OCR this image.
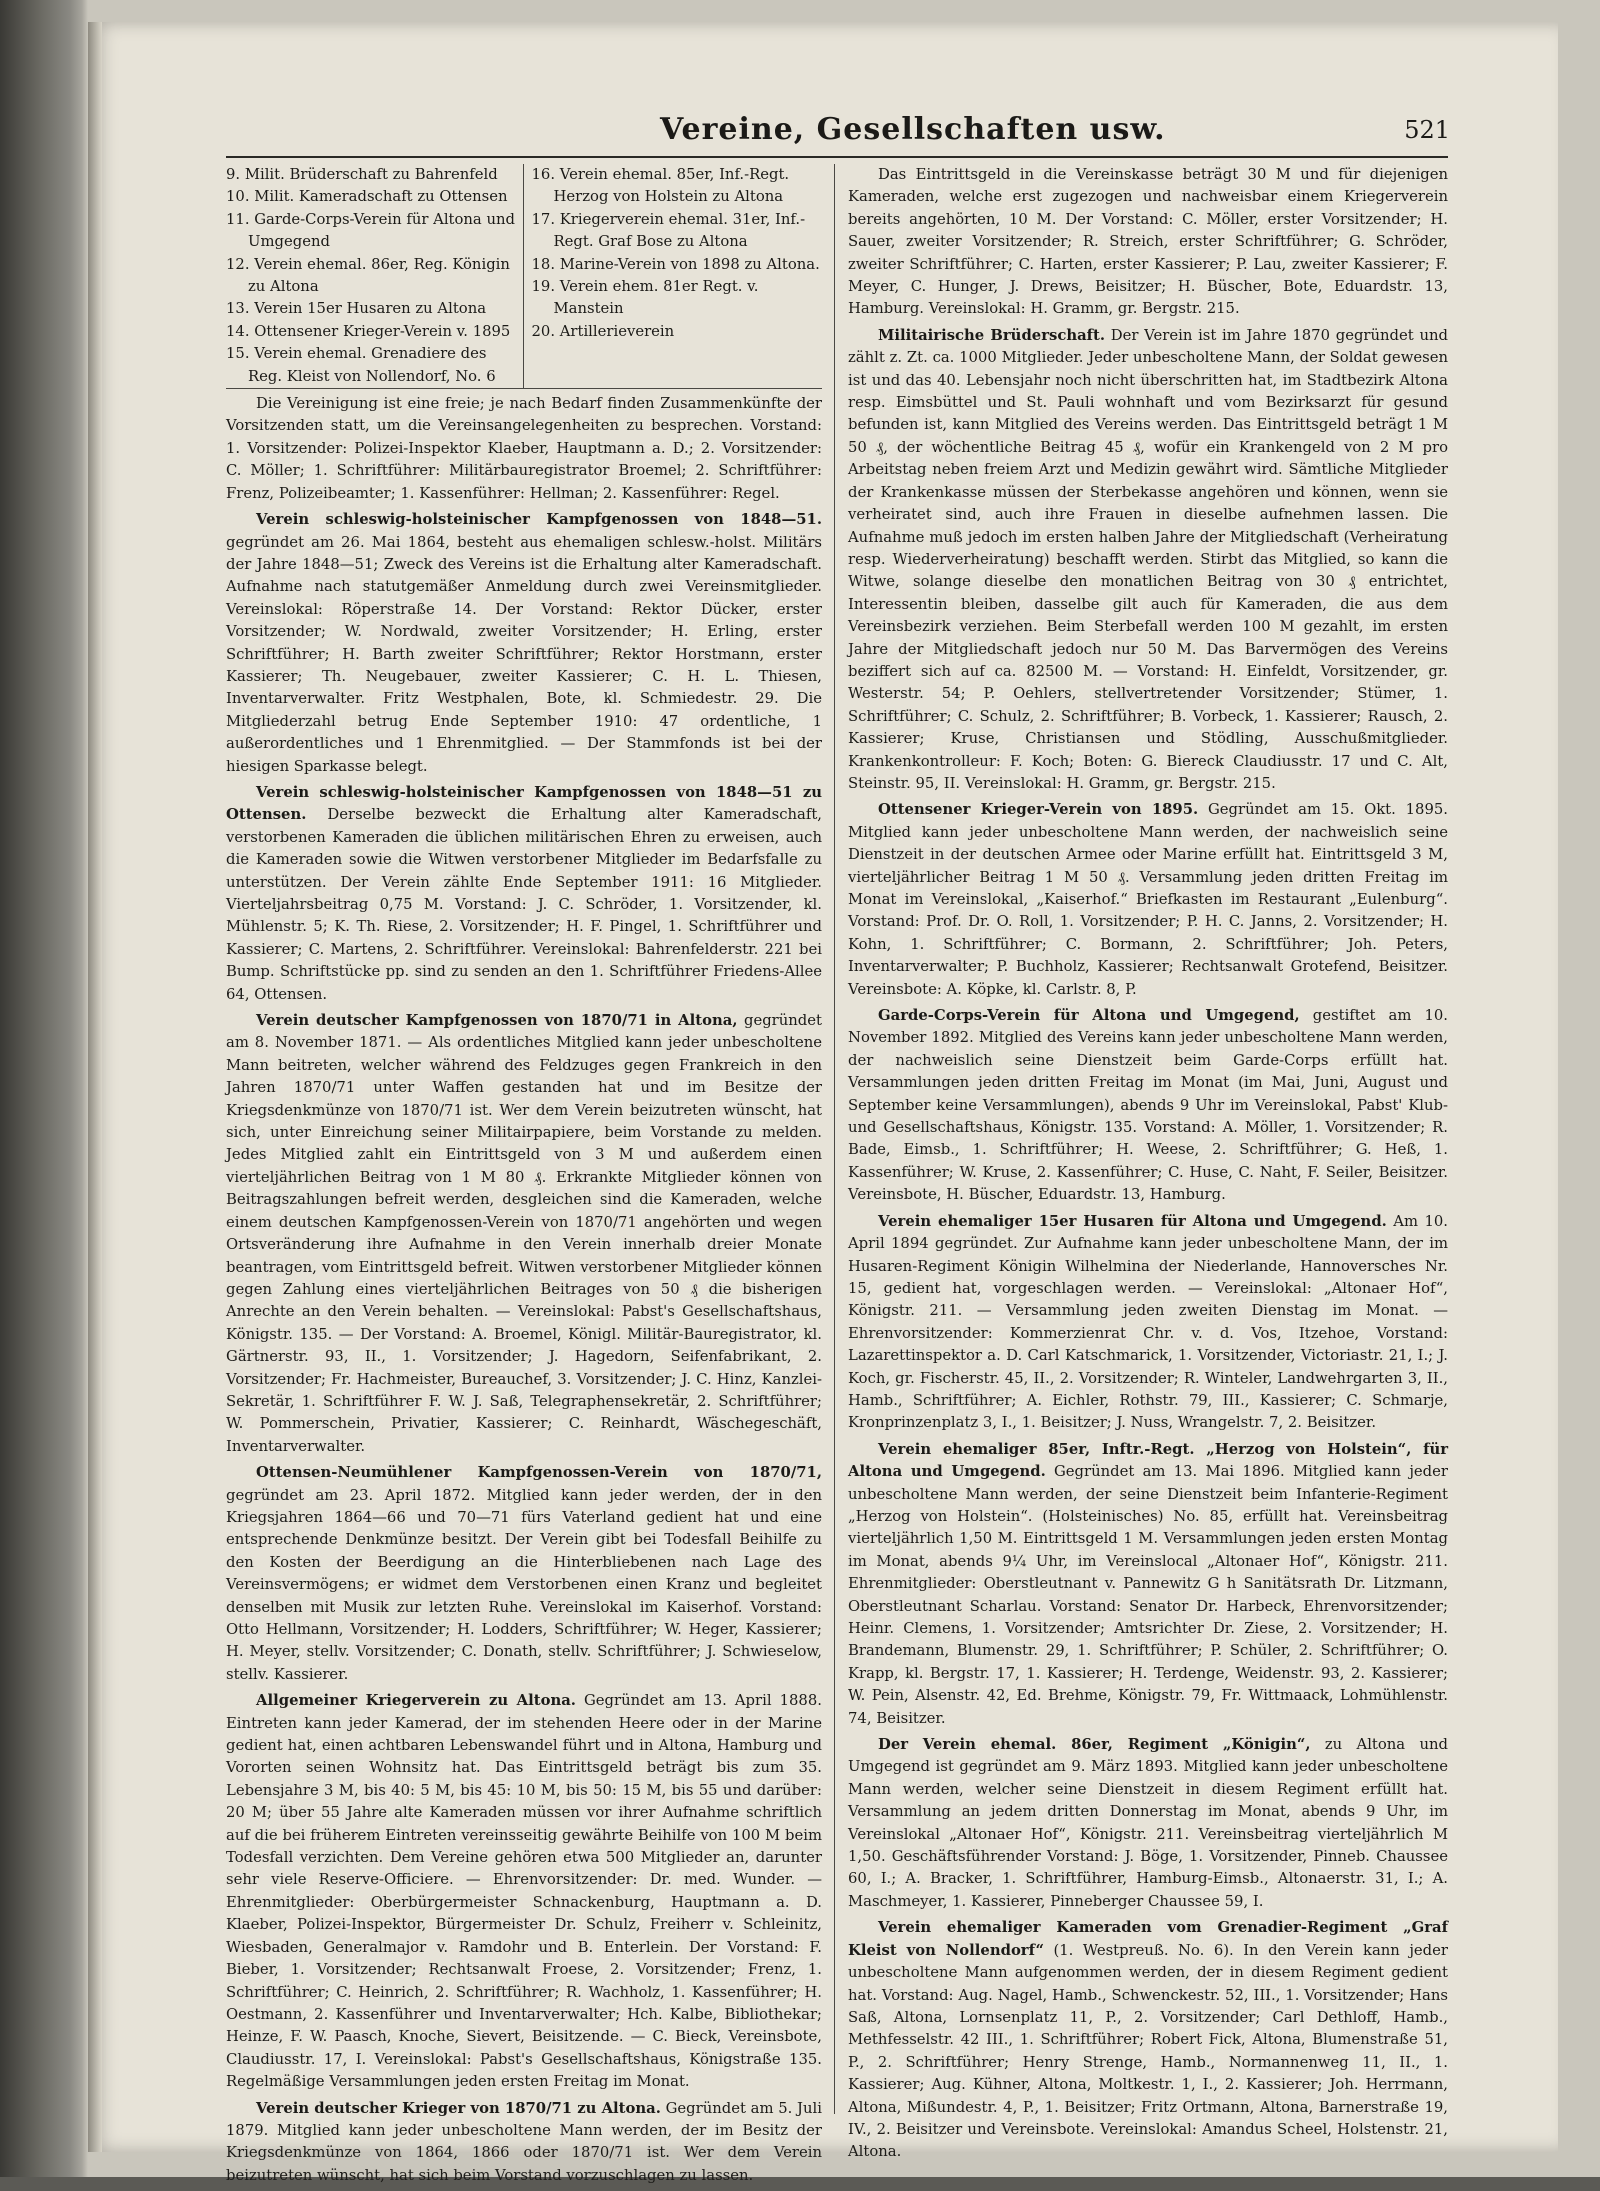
Vereine, Gesellschaften usw.	521

9. Milit. Brüderschaft zu Bahrenfeld

10. Milit. Kameradschaft zu Ottensen

11. Garde-Corps-Verein für Altona und Umgegend

12. Verein ehemal. 86er, Reg. Königin zu Altona

13. Verein 15er Husaren zu Altona

14. Ottensener Krieger-Verein v. 1895

15. Verein ehemal. Grenadiere des Reg. Kleist von Nollendorf, No. 6

16. Verein ehemal. 85er, Inf.-Regt. Herzog von Holstein zu Altona

17. Kriegerverein ehemal. 31er, Inf.-Regt. Graf Bose zu Altona

18. Marine-Verein von 1898 zu Altona.

19. Verein ehem. 81er Regt. v. Manstein

20. Artillerieverein

Die Vereinigung ist eine freie; je nach Bedarf finden Zusammenkünfte der Vorsitzenden statt, um die Vereinsangelegenheiten zu besprechen. Vorstand: 1. Vorsitzender: Polizei-Inspektor Klaeber, Hauptmann a. D.; 2. Vorsitzender: C. Möller; 1. Schriftführer: Militärbauregistrator Broemel; 2. Schriftführer: Frenz, Polizeibeamter; 1. Kassenführer: Hellman; 2. Kassenführer: Regel.

Verein schleswig-holsteinischer Kampfgenossen von 1848—51. gegründet am 26. Mai 1864, besteht aus ehemaligen schlesw.-holst. Militärs der Jahre 1848—51; Zweck des Vereins ist die Erhaltung alter Kameradschaft. Aufnahme nach statutgemäßer Anmeldung durch zwei Vereinsmitglieder. Vereinslokal: Röperstraße 14. Der Vorstand: Rektor Dücker, erster Vorsitzender; W. Nordwald, zweiter Vorsitzender; H. Erling, erster Schriftführer; H. Barth zweiter Schriftführer; Rektor Horstmann, erster Kassierer; Th. Neugebauer, zweiter Kassierer; C. H. L. Thiesen, Inventarverwalter. Fritz Westphalen, Bote, kl. Schmiedestr. 29. Die Mitgliederzahl betrug Ende September 1910: 47 ordentliche, 1 außerordentliches und 1 Ehrenmitglied. — Der Stammfonds ist bei der hiesigen Sparkasse belegt.

Verein schleswig-holsteinischer Kampfgenossen von 1848—51 zu Ottensen. Derselbe bezweckt die Erhaltung alter Kameradschaft, verstorbenen Kameraden die üblichen militärischen Ehren zu erweisen, auch die Kameraden sowie die Witwen verstorbener Mitglieder im Bedarfsfalle zu unterstützen. Der Verein zählte Ende September 1911: 16 Mitglieder. Vierteljahrsbeitrag 0,75 M. Vorstand: J. C. Schröder, 1. Vorsitzender, kl. Mühlenstr. 5; K. Th. Riese, 2. Vorsitzender; H. F. Pingel, 1. Schriftführer und Kassierer; C. Martens, 2. Schriftführer. Vereinslokal: Bahrenfelderstr. 221 bei Bump. Schriftstücke pp. sind zu senden an den 1. Schriftführer Friedens-Allee 64, Ottensen.

Verein deutscher Kampfgenossen von 1870/71 in Altona, gegründet am 8. November 1871. — Als ordentliches Mitglied kann jeder unbescholtene Mann beitreten, welcher während des Feldzuges gegen Frankreich in den Jahren 1870/71 unter Waffen gestanden hat und im Besitze der Kriegsdenkmünze von 1870/71 ist. Wer dem Verein beizutreten wünscht, hat sich, unter Einreichung seiner Militairpapiere, beim Vorstande zu melden. Jedes Mitglied zahlt ein Eintrittsgeld von 3 M und außerdem einen vierteljährlichen Beitrag von 1 M 80 ₰. Erkrankte Mitglieder können von Beitragszahlungen befreit werden, desgleichen sind die Kameraden, welche einem deutschen Kampfgenossen-Verein von 1870/71 angehörten und wegen Ortsveränderung ihre Aufnahme in den Verein innerhalb dreier Monate beantragen, vom Eintrittsgeld befreit. Witwen verstorbener Mitglieder können gegen Zahlung eines vierteljährlichen Beitrages von 50 ₰ die bisherigen Anrechte an den Verein behalten. — Vereinslokal: Pabst's Gesellschaftshaus, Königstr. 135. — Der Vorstand: A. Broemel, Königl. Militär-Bauregistrator, kl. Gärtnerstr. 93, II., 1. Vorsitzender; J. Hagedorn, Seifenfabrikant, 2. Vorsitzender; Fr. Hachmeister, Bureauchef, 3. Vorsitzender; J. C. Hinz, Kanzlei-Sekretär, 1. Schriftführer F. W. J. Saß, Telegraphensekretär, 2. Schriftführer; W. Pommerschein, Privatier, Kassierer; C. Reinhardt, Wäschegeschäft, Inventarverwalter.

Ottensen-Neumühlener Kampfgenossen-Verein von 1870/71, gegründet am 23. April 1872. Mitglied kann jeder werden, der in den Kriegsjahren 1864—66 und 70—71 fürs Vaterland gedient hat und eine entsprechende Denkmünze besitzt. Der Verein gibt bei Todesfall Beihilfe zu den Kosten der Beerdigung an die Hinterbliebenen nach Lage des Vereinsvermögens; er widmet dem Verstorbenen einen Kranz und begleitet denselben mit Musik zur letzten Ruhe. Vereinslokal im Kaiserhof. Vorstand: Otto Hellmann, Vorsitzender; H. Lodders, Schriftführer; W. Heger, Kassierer; H. Meyer, stellv. Vorsitzender; C. Donath, stellv. Schriftführer; J. Schwieselow, stellv. Kassierer.

Allgemeiner Kriegerverein zu Altona. Gegründet am 13. April 1888. Eintreten kann jeder Kamerad, der im stehenden Heere oder in der Marine gedient hat, einen achtbaren Lebenswandel führt und in Altona, Hamburg und Vororten seinen Wohnsitz hat. Das Eintrittsgeld beträgt bis zum 35. Lebensjahre 3 M, bis 40: 5 M, bis 45: 10 M, bis 50: 15 M, bis 55 und darüber: 20 M; über 55 Jahre alte Kameraden müssen vor ihrer Aufnahme schriftlich auf die bei früherem Eintreten vereinsseitig gewährte Beihilfe von 100 M beim Todesfall verzichten. Dem Vereine gehören etwa 500 Mitglieder an, darunter sehr viele Reserve-Officiere. — Ehrenvorsitzender: Dr. med. Wunder. — Ehrenmitglieder: Oberbürgermeister Schnackenburg, Hauptmann a. D. Klaeber, Polizei-Inspektor, Bürgermeister Dr. Schulz, Freiherr v. Schleinitz, Wiesbaden, Generalmajor v. Ramdohr und B. Enterlein. Der Vorstand: F. Bieber, 1. Vorsitzender; Rechtsanwalt Froese, 2. Vorsitzender; Frenz, 1. Schriftführer; C. Heinrich, 2. Schriftführer; R. Wachholz, 1. Kassenführer; H. Oestmann, 2. Kassenführer und Inventarverwalter; Hch. Kalbe, Bibliothekar; Heinze, F. W. Paasch, Knoche, Sievert, Beisitzende. — C. Bieck, Vereinsbote, Claudiusstr. 17, I. Vereinslokal: Pabst's Gesellschaftshaus, Königstraße 135. Regelmäßige Versammlungen jeden ersten Freitag im Monat.

Verein deutscher Krieger von 1870/71 zu Altona. Gegründet am 5. Juli 1879. Mitglied kann jeder unbescholtene Mann werden, der im Besitz der Kriegsdenkmünze von 1864, 1866 oder 1870/71 ist. Wer dem Verein beizutreten wünscht, hat sich beim Vorstand vorzuschlagen zu lassen.

Das Eintrittsgeld in die Vereinskasse beträgt 30 M und für diejenigen Kameraden, welche erst zugezogen und nachweisbar einem Kriegerverein bereits angehörten, 10 M. Der Vorstand: C. Möller, erster Vorsitzender; H. Sauer, zweiter Vorsitzender; R. Streich, erster Schriftführer; G. Schröder, zweiter Schriftführer; C. Harten, erster Kassierer; P. Lau, zweiter Kassierer; F. Meyer, C. Hunger, J. Drews, Beisitzer; H. Büscher, Bote, Eduardstr. 13, Hamburg. Vereinslokal: H. Gramm, gr. Bergstr. 215.

Militairische Brüderschaft. Der Verein ist im Jahre 1870 gegründet und zählt z. Zt. ca. 1000 Mitglieder. Jeder unbescholtene Mann, der Soldat gewesen ist und das 40. Lebensjahr noch nicht überschritten hat, im Stadtbezirk Altona resp. Eimsbüttel und St. Pauli wohnhaft und vom Bezirksarzt für gesund befunden ist, kann Mitglied des Vereins werden. Das Eintrittsgeld beträgt 1 M 50 ₰, der wöchentliche Beitrag 45 ₰, wofür ein Krankengeld von 2 M pro Arbeitstag neben freiem Arzt und Medizin gewährt wird. Sämtliche Mitglieder der Krankenkasse müssen der Sterbekasse angehören und können, wenn sie verheiratet sind, auch ihre Frauen in dieselbe aufnehmen lassen. Die Aufnahme muß jedoch im ersten halben Jahre der Mitgliedschaft (Verheiratung resp. Wiederverheiratung) beschafft werden. Stirbt das Mitglied, so kann die Witwe, solange dieselbe den monatlichen Beitrag von 30 ₰ entrichtet, Interessentin bleiben, dasselbe gilt auch für Kameraden, die aus dem Vereinsbezirk verziehen. Beim Sterbefall werden 100 M gezahlt, im ersten Jahre der Mitgliedschaft jedoch nur 50 M. Das Barvermögen des Vereins beziffert sich auf ca. 82500 M. — Vorstand: H. Einfeldt, Vorsitzender, gr. Westerstr. 54; P. Oehlers, stellvertretender Vorsitzender; Stümer, 1. Schriftführer; C. Schulz, 2. Schriftführer; B. Vorbeck, 1. Kassierer; Rausch, 2. Kassierer; Kruse, Christiansen und Stödling, Ausschußmitglieder. Krankenkontrolleur: F. Koch; Boten: G. Biereck Claudiusstr. 17 und C. Alt, Steinstr. 95, II. Vereinslokal: H. Gramm, gr. Bergstr. 215.

Ottensener Krieger-Verein von 1895. Gegründet am 15. Okt. 1895. Mitglied kann jeder unbescholtene Mann werden, der nachweislich seine Dienstzeit in der deutschen Armee oder Marine erfüllt hat. Eintrittsgeld 3 M, vierteljährlicher Beitrag 1 M 50 ₰. Versammlung jeden dritten Freitag im Monat im Vereinslokal, „Kaiserhof.“ Briefkasten im Restaurant „Eulenburg“. Vorstand: Prof. Dr. O. Roll, 1. Vorsitzender; P. H. C. Janns, 2. Vorsitzender; H. Kohn, 1. Schriftführer; C. Bormann, 2. Schriftführer; Joh. Peters, Inventarverwalter; P. Buchholz, Kassierer; Rechtsanwalt Grotefend, Beisitzer. Vereinsbote: A. Köpke, kl. Carlstr. 8, P.

Garde-Corps-Verein für Altona und Umgegend, gestiftet am 10. November 1892. Mitglied des Vereins kann jeder unbescholtene Mann werden, der nachweislich seine Dienstzeit beim Garde-Corps erfüllt hat. Versammlungen jeden dritten Freitag im Monat (im Mai, Juni, August und September keine Versammlungen), abends 9 Uhr im Vereinslokal, Pabst' Klub- und Gesellschaftshaus, Königstr. 135. Vorstand: A. Möller, 1. Vorsitzender; R. Bade, Eimsb., 1. Schriftführer; H. Weese, 2. Schriftführer; G. Heß, 1. Kassenführer; W. Kruse, 2. Kassenführer; C. Huse, C. Naht, F. Seiler, Beisitzer. Vereinsbote, H. Büscher, Eduardstr. 13, Hamburg.

Verein ehemaliger 15er Husaren für Altona und Umgegend. Am 10. April 1894 gegründet. Zur Aufnahme kann jeder unbescholtene Mann, der im Husaren-Regiment Königin Wilhelmina der Niederlande, Hannoversches Nr. 15, gedient hat, vorgeschlagen werden. — Vereinslokal: „Altonaer Hof“, Königstr. 211. — Versammlung jeden zweiten Dienstag im Monat. — Ehrenvorsitzender: Kommerzienrat Chr. v. d. Vos, Itzehoe, Vorstand: Lazarettinspektor a. D. Carl Katschmarick, 1. Vorsitzender, Victoriastr. 21, I.; J. Koch, gr. Fischerstr. 45, II., 2. Vorsitzender; R. Winteler, Landwehrgarten 3, II., Hamb., Schriftführer; A. Eichler, Rothstr. 79, III., Kassierer; C. Schmarje, Kronprinzenplatz 3, I., 1. Beisitzer; J. Nuss, Wrangelstr. 7, 2. Beisitzer.

Verein ehemaliger 85er, Inftr.-Regt. „Herzog von Holstein“, für Altona und Umgegend. Gegründet am 13. Mai 1896. Mitglied kann jeder unbescholtene Mann werden, der seine Dienstzeit beim Infanterie-Regiment „Herzog von Holstein“. (Holsteinisches) No. 85, erfüllt hat. Vereinsbeitrag vierteljährlich 1,50 M. Eintrittsgeld 1 M. Versammlungen jeden ersten Montag im Monat, abends 9¼ Uhr, im Vereinslocal „Altonaer Hof“, Königstr. 211. Ehrenmitglieder: Oberstleutnant v. Pannewitz G h Sanitätsrath Dr. Litzmann, Oberstleutnant Scharlau. Vorstand: Senator Dr. Harbeck, Ehrenvorsitzender; Heinr. Clemens, 1. Vorsitzender; Amtsrichter Dr. Ziese, 2. Vorsitzender; H. Brandemann, Blumenstr. 29, 1. Schriftführer; P. Schüler, 2. Schriftführer; O. Krapp, kl. Bergstr. 17, 1. Kassierer; H. Terdenge, Weidenstr. 93, 2. Kassierer; W. Pein, Alsenstr. 42, Ed. Brehme, Königstr. 79, Fr. Wittmaack, Lohmühlenstr. 74, Beisitzer.

Der Verein ehemal. 86er, Regiment „Königin“, zu Altona und Umgegend ist gegründet am 9. März 1893. Mitglied kann jeder unbescholtene Mann werden, welcher seine Dienstzeit in diesem Regiment erfüllt hat. Versammlung an jedem dritten Donnerstag im Monat, abends 9 Uhr, im Vereinslokal „Altonaer Hof“, Königstr. 211. Vereinsbeitrag vierteljährlich M 1,50. Geschäftsführender Vorstand: J. Böge, 1. Vorsitzender, Pinneb. Chaussee 60, I.; A. Bracker, 1. Schriftführer, Hamburg-Eimsb., Altonaerstr. 31, I.; A. Maschmeyer, 1. Kassierer, Pinneberger Chaussee 59, I.

Verein ehemaliger Kameraden vom Grenadier-Regiment „Graf Kleist von Nollendorf“ (1. Westpreuß. No. 6). In den Verein kann jeder unbescholtene Mann aufgenommen werden, der in diesem Regiment gedient hat. Vorstand: Aug. Nagel, Hamb., Schwenckestr. 52, III., 1. Vorsitzender; Hans Saß, Altona, Lornsenplatz 11, P., 2. Vorsitzender; Carl Dethloff, Hamb., Methfesselstr. 42 III., 1. Schriftführer; Robert Fick, Altona, Blumenstraße 51, P., 2. Schriftführer; Henry Strenge, Hamb., Normannenweg 11, II., 1. Kassierer; Aug. Kühner, Altona, Moltkestr. 1, I., 2. Kassierer; Joh. Herrmann, Altona, Mißundestr. 4, P., 1. Beisitzer; Fritz Ortmann, Altona, Barnerstraße 19, IV., 2. Beisitzer und Vereinsbote. Vereinslokal: Amandus Scheel, Holstenstr. 21, Altona.
